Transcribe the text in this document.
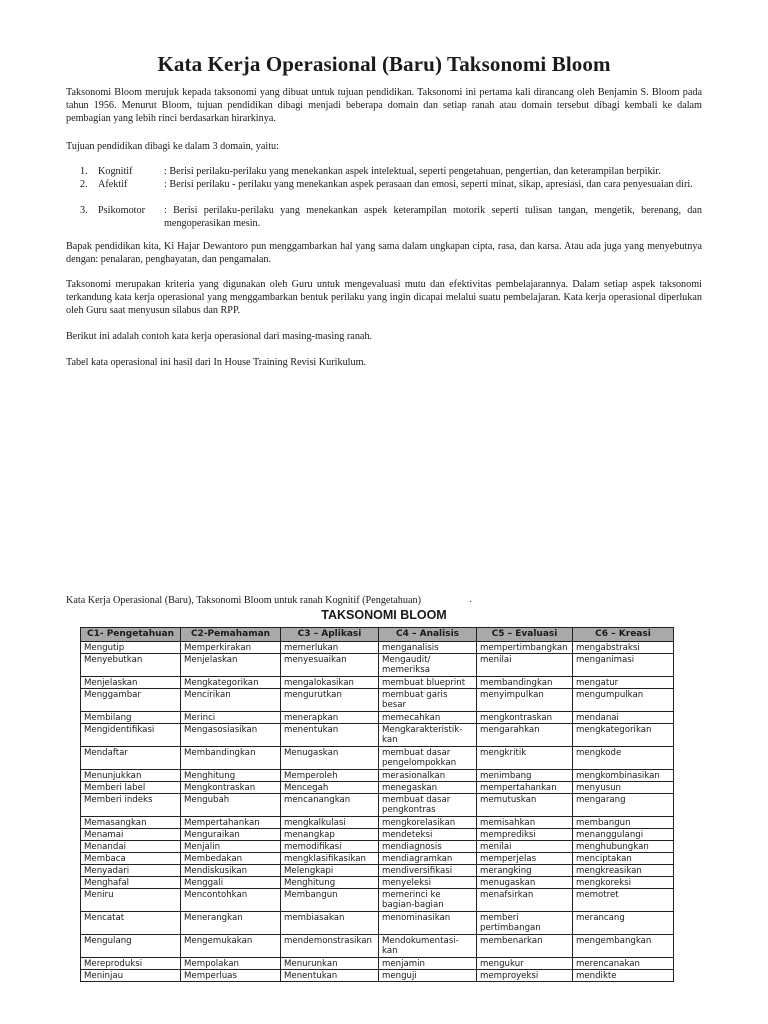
Kata Kerja Operasional (Baru) Taksonomi Bloom
Taksonomi Bloom merujuk kepada taksonomi yang dibuat untuk tujuan pendidikan. Taksonomi ini pertama kali dirancang oleh Benjamin S. Bloom pada tahun 1956. Menurut Bloom, tujuan pendidikan dibagi menjadi beberapa domain dan setiap ranah atau domain tersebut dibagi kembali ke dalam pembagian yang lebih rinci berdasarkan hirarkinya.
Tujuan pendidikan dibagi ke dalam 3 domain, yaitu:
1.	Kognitif	: Berisi perilaku-perilaku yang menekankan aspek intelektual, seperti pengetahuan, pengertian, dan keterampilan berpikir.
2.	Afektif	: Berisi perilaku - perilaku yang menekankan aspek perasaan dan emosi, seperti minat, sikap, apresiasi, dan cara penyesuaian diri.
3.	Psikomotor	: Berisi perilaku-perilaku yang menekankan aspek keterampilan motorik seperti tulisan tangan, mengetik, berenang, dan mengoperasikan mesin.
Bapak pendidikan kita, Ki Hajar Dewantoro pun menggambarkan hal yang sama dalam ungkapan cipta, rasa, dan karsa. Atau ada juga yang menyebutnya dengan: penalaran, penghayatan, dan pengamalan.
Taksonomi merupakan kriteria yang digunakan oleh Guru untuk mengevaluasi mutu dan efektivitas pembelajarannya. Dalam setiap aspek taksonomi terkandung kata kerja operasional yang menggambarkan bentuk perilaku yang ingin dicapai melalui suatu pembelajaran. Kata kerja operasional diperlukan oleh Guru saat menyusun silabus dan RPP.
Berikut ini adalah contoh kata kerja operasional dari masing-masing ranah.
Tabel kata operasional ini hasil dari In House Training Revisi Kurikulum.
Kata Kerja Operasional (Baru), Taksonomi Bloom untuk ranah Kognitif (Pengetahuan)	·
TAKSONOMI BLOOM
C1- Pengetahuan	C2-Pemahaman	C3 – Aplikasi	C4 – Analisis	C5 – Evaluasi	C6 – Kreasi
Mengutip	Memperkirakan	memerlukan	menganalisis	mempertimbangkan	mengabstraksi
Menyebutkan	Menjelaskan	menyesuaikan	Mengaudit/ memeriksa	menilai	menganimasi
Menjelaskan	Mengkategorikan	mengalokasikan	membuat blueprint	membandingkan	mengatur
Menggambar	Mencirikan	mengurutkan	membuat garis besar	menyimpulkan	mengumpulkan
Membilang	Merinci	menerapkan	memecahkan	mengkontraskan	mendanai
Mengidentifikasi	Mengasosiasikan	menentukan	Mengkarakteristik-kan	mengarahkan	mengkategorikan
Mendaftar	Membandingkan	Menugaskan	membuat dasar pengelompokkan	mengkritik	mengkode
Menunjukkan	Menghitung	Memperoleh	merasionalkan	menimbang	mengkombinasikan
Memberi label	Mengkontraskan	Mencegah	menegaskan	mempertahankan	menyusun
Memberi indeks	Mengubah	mencanangkan	membuat dasar pengkontras	memutuskan	mengarang
Memasangkan	Mempertahankan	mengkalkulasi	mengkorelasikan	memisahkan	membangun
Menamai	Menguraikan	menangkap	mendeteksi	memprediksi	menanggulangi
Menandai	Menjalin	memodifikasi	mendiagnosis	menilai	menghubungkan
Membaca	Membedakan	mengklasifikasikan	mendiagramkan	memperjelas	menciptakan
Menyadari	Mendiskusikan	Melengkapi	mendiversifikasi	merangking	mengkreasikan
Menghafal	Menggali	Menghitung	menyeleksi	menugaskan	mengkoreksi
Meniru	Mencontohkan	Membangun	memerinci ke bagian-bagian	menafsirkan	memotret
Mencatat	Menerangkan	membiasakan	menominasikan	memberi pertimbangan	merancang
Mengulang	Mengemukakan	mendemonstrasikan	Mendokumentasi-kan	membenarkan	mengembangkan
Mereproduksi	Mempolakan	Menurunkan	menjamin	mengukur	merencanakan
Meninjau	Memperluas	Menentukan	menguji	memproyeksi	mendikte
